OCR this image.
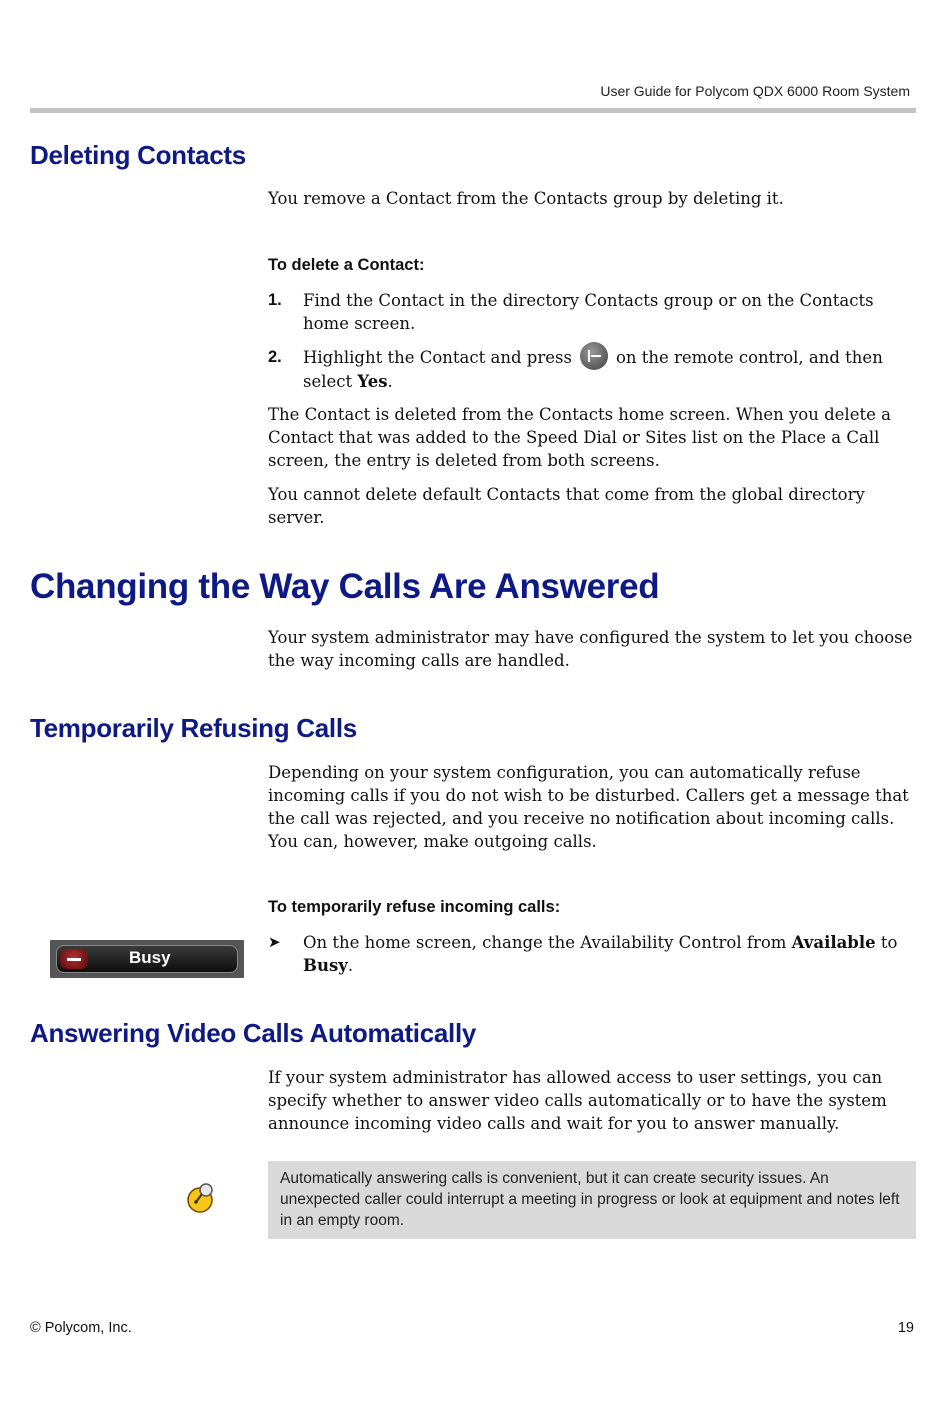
User Guide for Polycom QDX 6000 Room System
Deleting Contacts
You remove a Contact from the Contacts group by deleting it.
To delete a Contact:
1. Find the Contact in the directory Contacts group or on the Contacts home screen.
2. Highlight the Contact and press	on the remote control, and then select Yes.

The Contact is deleted from the Contacts home screen. When you delete a Contact that was added to the Speed Dial or Sites list on the Place a Call screen, the entry is deleted from both screens.

You cannot delete default Contacts that come from the global directory server.

Changing the Way Calls Are Answered
Your system administrator may have configured the system to let you choose the way incoming calls are handled.
Temporarily Refusing Calls
Depending on your system configuration, you can automatically refuse incoming calls if you do not wish to be disturbed. Callers get a message that the call was rejected, and you receive no notification about incoming calls. You can, however, make outgoing calls.
To temporarily refuse incoming calls:
Busy
➤ On the home screen, change the Availability Control from Available to Busy.
Answering Video Calls Automatically
If your system administrator has allowed access to user settings, you can specify whether to answer video calls automatically or to have the system announce incoming video calls and wait for you to answer manually.
Automatically answering calls is convenient, but it can create security issues. An unexpected caller could interrupt a meeting in progress or look at equipment and notes left in an empty room.
© Polycom, Inc.	19
